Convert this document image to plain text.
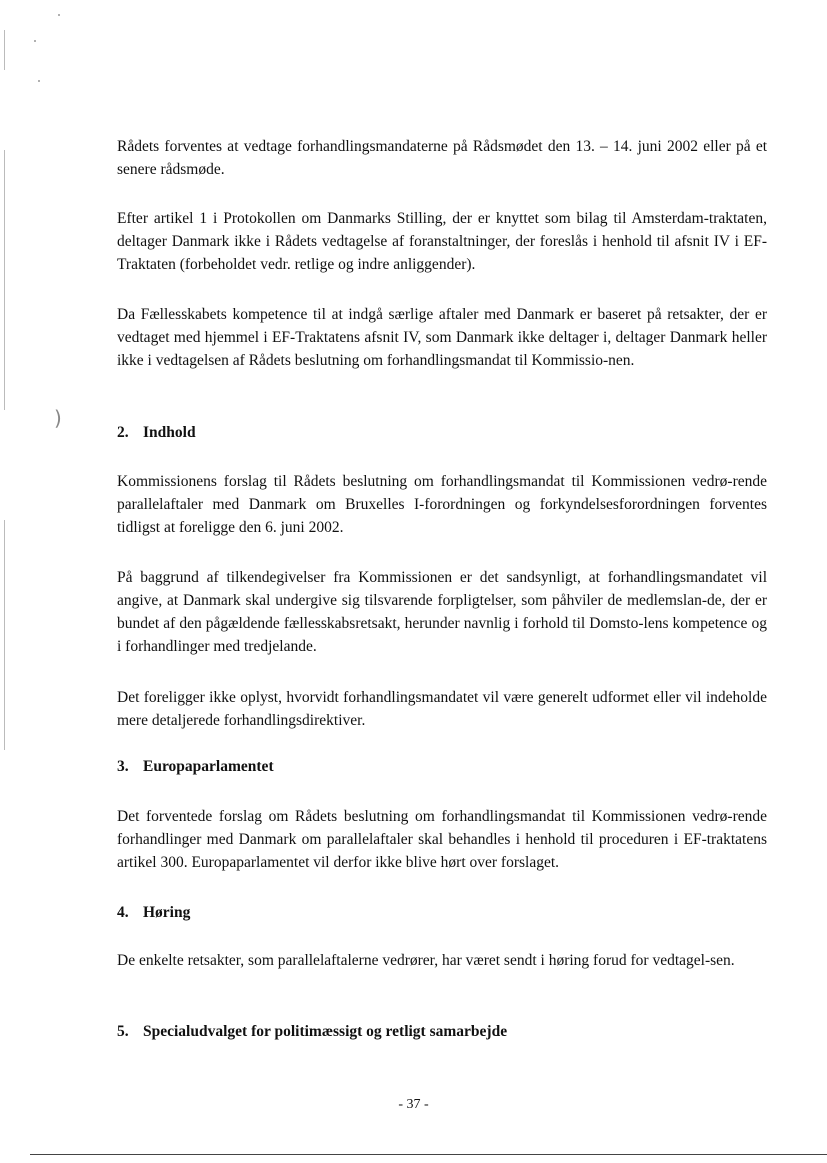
)
Rådets forventes at vedtage forhandlingsmandaterne på Rådsmødet den 13. – 14. juni 2002 eller på et senere rådsmøde.
Efter artikel 1 i Protokollen om Danmarks Stilling, der er knyttet som bilag til Amsterdam-traktaten, deltager Danmark ikke i Rådets vedtagelse af foranstaltninger, der foreslås i henhold til afsnit IV i EF-Traktaten (forbeholdet vedr. retlige og indre anliggender).
Da Fællesskabets kompetence til at indgå særlige aftaler med Danmark er baseret på retsakter, der er vedtaget med hjemmel i EF-Traktatens afsnit IV, som Danmark ikke deltager i, deltager Danmark heller ikke i vedtagelsen af Rådets beslutning om forhandlingsmandat til Kommissio-nen.
2. Indhold
Kommissionens forslag til Rådets beslutning om forhandlingsmandat til Kommissionen vedrø-rende parallelaftaler med Danmark om Bruxelles I-forordningen og forkyndelsesforordningen forventes tidligst at foreligge den 6. juni 2002.
På baggrund af tilkendegivelser fra Kommissionen er det sandsynligt, at forhandlingsmandatet vil angive, at Danmark skal undergive sig tilsvarende forpligtelser, som påhviler de medlemslan-de, der er bundet af den pågældende fællesskabsretsakt, herunder navnlig i forhold til Domsto-lens kompetence og i forhandlinger med tredjelande.
Det foreligger ikke oplyst, hvorvidt forhandlingsmandatet vil være generelt udformet eller vil indeholde mere detaljerede forhandlingsdirektiver.
3. Europaparlamentet
Det forventede forslag om Rådets beslutning om forhandlingsmandat til Kommissionen vedrø-rende forhandlinger med Danmark om parallelaftaler skal behandles i henhold til proceduren i EF-traktatens artikel 300. Europaparlamentet vil derfor ikke blive hørt over forslaget.
4. Høring
De enkelte retsakter, som parallelaftalerne vedrører, har været sendt i høring forud for vedtagel-sen.
5. Specialudvalget for politimæssigt og retligt samarbejde
- 37 -
